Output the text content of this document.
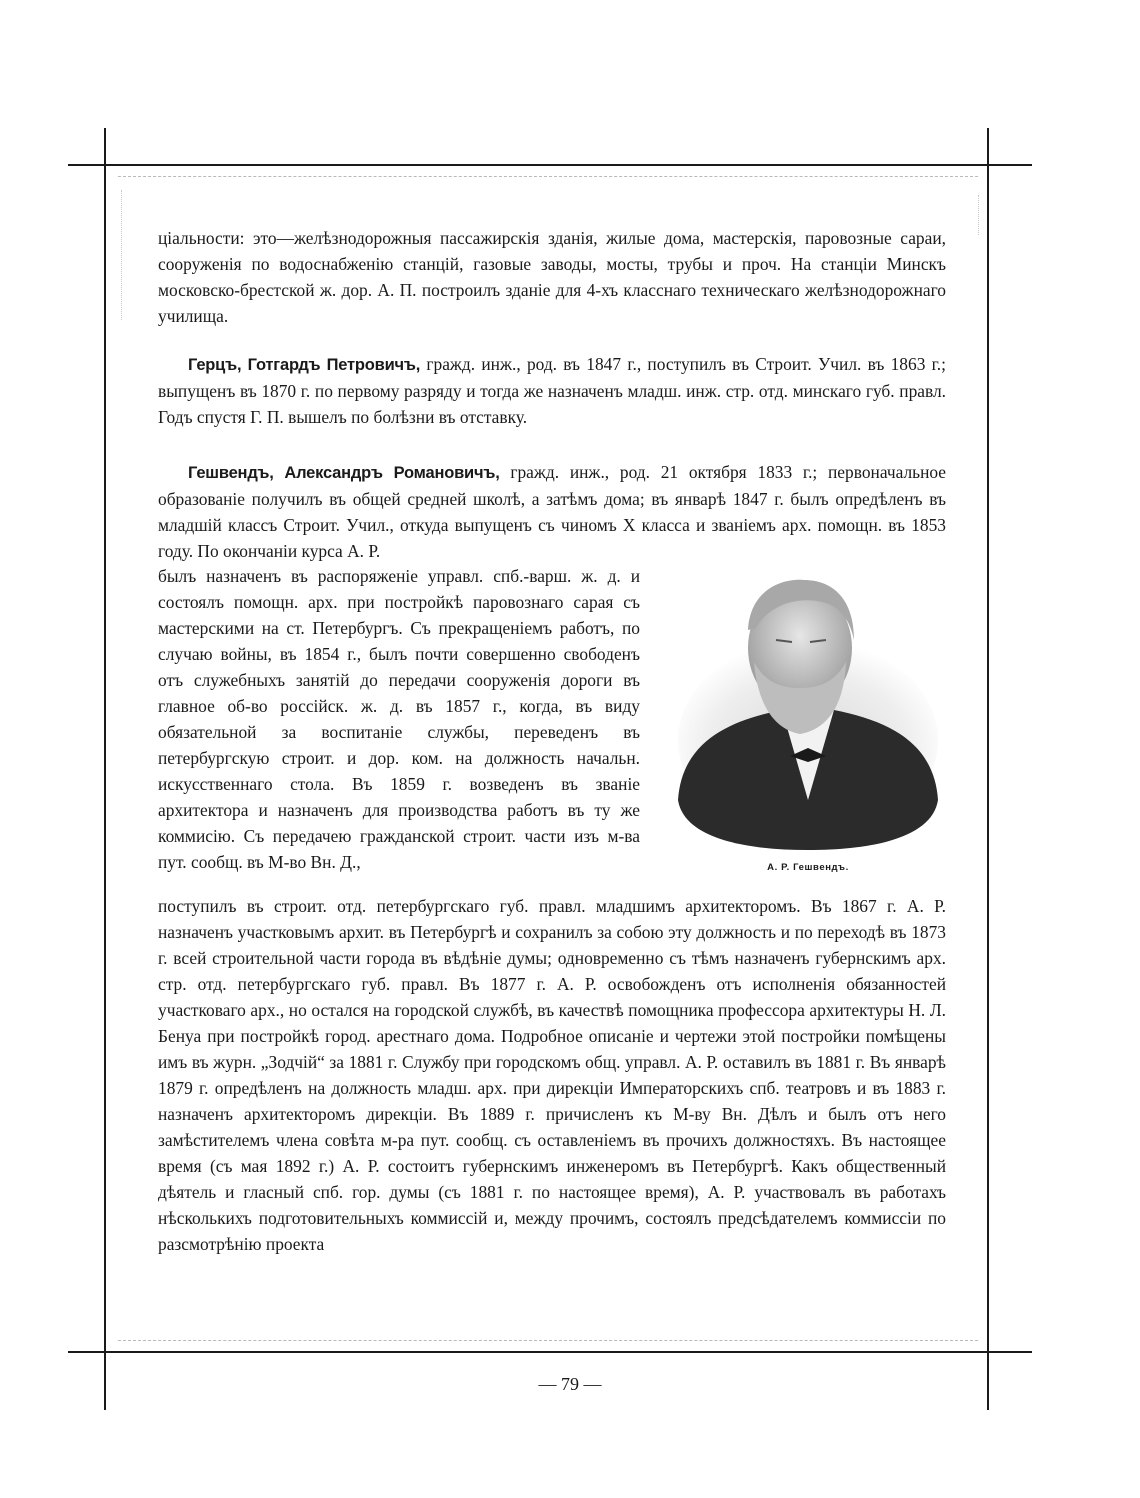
ціальности: это—желѣзнодорожныя пассажирскія зданія, жилые дома, мастерскія, паровозные сараи, сооруженія по водоснабженію станцій, газовые заводы, мосты, трубы и проч. На станціи Минскъ московско-брестской ж. дор. А. П. построилъ зданіе для 4-хъ класснаго техническаго желѣзнодорожнаго училища.

Герцъ, Готгардъ Петровичъ, гражд. инж., род. въ 1847 г., поступилъ въ Строит. Учил. въ 1863 г.; выпущенъ въ 1870 г. по первому разряду и тогда же назначенъ младш. инж. стр. отд. минскаго губ. правл. Годъ спустя Г. П. вышелъ по болѣзни въ отставку.

Гешвендъ, Александръ Романовичъ, гражд. инж., род. 21 октября 1833 г.; первоначальное образованіе получилъ въ общей средней школѣ, а затѣмъ дома; въ январѣ 1847 г. былъ опредѣленъ въ младшій классъ Строит. Учил., откуда выпущенъ съ чиномъ X класса и званіемъ арх. помощн. въ 1853 году. По окончаніи курса А. Р.

былъ назначенъ въ распоряженіе управл. спб.-варш. ж. д. и состоялъ помощн. арх. при постройкѣ паровознаго сарая съ мастерскими на ст. Петербургъ. Съ прекращеніемъ работъ, по случаю войны, въ 1854 г., былъ почти совершенно свободенъ отъ служебныхъ занятій до передачи сооруженія дороги въ главное об-во россійск. ж. д. въ 1857 г., когда, въ виду обязательной за воспитаніе службы, переведенъ въ петербургскую строит. и дор. ком. на должность начальн. искусственнаго стола. Въ 1859 г. возведенъ въ званіе архитектора и назначенъ для производства работъ въ ту же коммисію. Съ передачею гражданской строит. части изъ м-ва пут. сообщ. въ М-во Вн. Д.,

поступилъ въ строит. отд. петербургскаго губ. правл. младшимъ архитекторомъ. Въ 1867 г. А. Р. назначенъ участковымъ архит. въ Петербургѣ и сохранилъ за собою эту должность и по переходѣ въ 1873 г. всей строительной части города въ вѣдѣніе думы; одновременно съ тѣмъ назначенъ губернскимъ арх. стр. отд. петербургскаго губ. правл. Въ 1877 г. А. Р. освобожденъ отъ исполненія обязанностей участковаго арх., но остался на городской службѣ, въ качествѣ помощника профессора архитектуры Н. Л. Бенуа при постройкѣ город. арестнаго дома. Подробное описаніе и чертежи этой постройки помѣщены имъ въ журн. „Зодчій“ за 1881 г. Службу при городскомъ общ. управл. А. Р. оставилъ въ 1881 г. Въ январѣ 1879 г. опредѣленъ на должность младш. арх. при дирекціи Императорскихъ спб. театровъ и въ 1883 г. назначенъ архитекторомъ дирекціи. Въ 1889 г. причисленъ къ М-ву Вн. Дѣлъ и былъ отъ него замѣстителемъ члена совѣта м-ра пут. сообщ. съ оставленіемъ въ прочихъ должностяхъ. Въ настоящее время (съ мая 1892 г.) А. Р. состоитъ губернскимъ инженеромъ въ Петербургѣ. Какъ общественный дѣятель и гласный спб. гор. думы (съ 1881 г. по настоящее время), А. Р. участвовалъ въ работахъ нѣсколькихъ подготовительныхъ коммиссій и, между прочимъ, состоялъ предсѣдателемъ коммиссіи по разсмотрѣнію проекта

А. Р. Гешвендъ.
— 79 —
